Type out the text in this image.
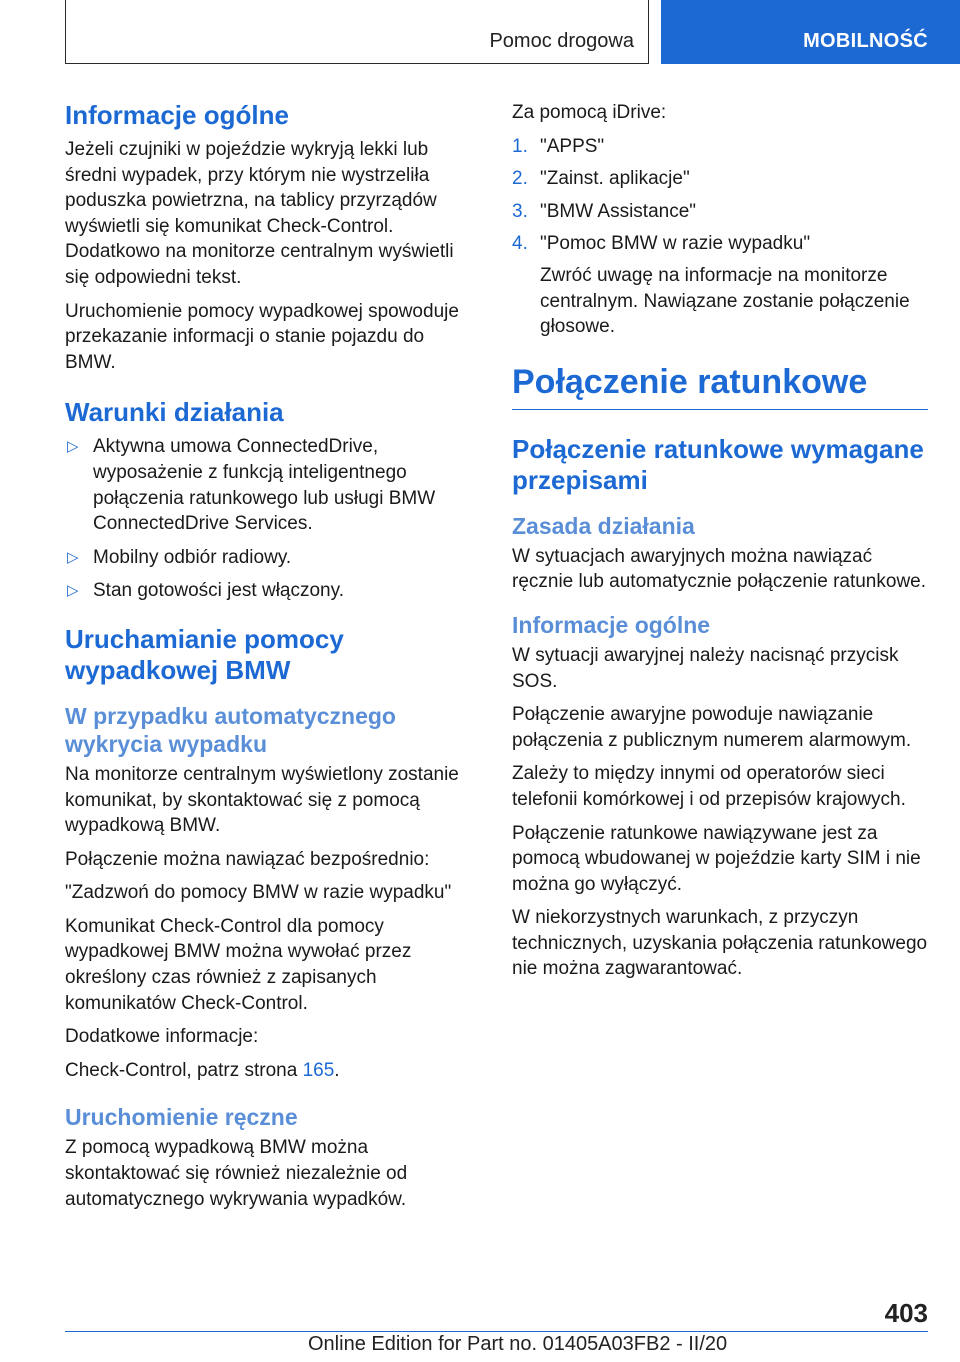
Pomoc drogowa	MOBILNOŚĆ
Informacje ogólne

Jeżeli czujniki w pojeździe wykryją lekki lub średni wypadek, przy którym nie wystrzeliła poduszka powietrzna, na tablicy przyrządów wyświetli się komunikat Check-Control. Dodatkowo na monitorze centralnym wyświetli się odpowiedni tekst.

Uruchomienie pomocy wypadkowej spowoduje przekazanie informacji o stanie pojazdu do BMW.

Warunki działania
▷ Aktywna umowa ConnectedDrive, wyposażenie z funkcją inteligentnego połączenia ratunkowego lub usługi BMW ConnectedDrive Services.
▷ Mobilny odbiór radiowy.
▷ Stan gotowości jest włączony.
Uruchamianie pomocy wypadkowej BMW
W przypadku automatycznego wykrycia wypadku

Na monitorze centralnym wyświetlony zostanie komunikat, by skontaktować się z pomocą wypadkową BMW.

Połączenie można nawiązać bezpośrednio:

"Zadzwoń do pomocy BMW w razie wypadku"

Komunikat Check-Control dla pomocy wypadkowej BMW można wywołać przez określony czas również z zapisanych komunikatów Check-Control.

Dodatkowe informacje:

Check-Control, patrz strona 165.

Uruchomienie ręczne

Z pomocą wypadkową BMW można skontaktować się również niezależnie od automatycznego wykrywania wypadków.

Za pomocą iDrive:

1. "APPS"
2. "Zainst. aplikacje"
3. "BMW Assistance"
4. "Pomoc BMW w razie wypadku"
Zwróć uwagę na informacje na monitorze centralnym. Nawiązane zostanie połączenie głosowe.
Połączenie ratunkowe
Połączenie ratunkowe wymagane przepisami
Zasada działania

W sytuacjach awaryjnych można nawiązać ręcznie lub automatycznie połączenie ratunkowe.

Informacje ogólne

W sytuacji awaryjnej należy nacisnąć przycisk SOS.

Połączenie awaryjne powoduje nawiązanie połączenia z publicznym numerem alarmowym.

Zależy to między innymi od operatorów sieci telefonii komórkowej i od przepisów krajowych.

Połączenie ratunkowe nawiązywane jest za pomocą wbudowanej w pojeździe karty SIM i nie można go wyłączyć.

W niekorzystnych warunkach, z przyczyn technicznych, uzyskania połączenia ratunkowego nie można zagwarantować.

403
Online Edition for Part no. 01405A03FB2 - II/20
